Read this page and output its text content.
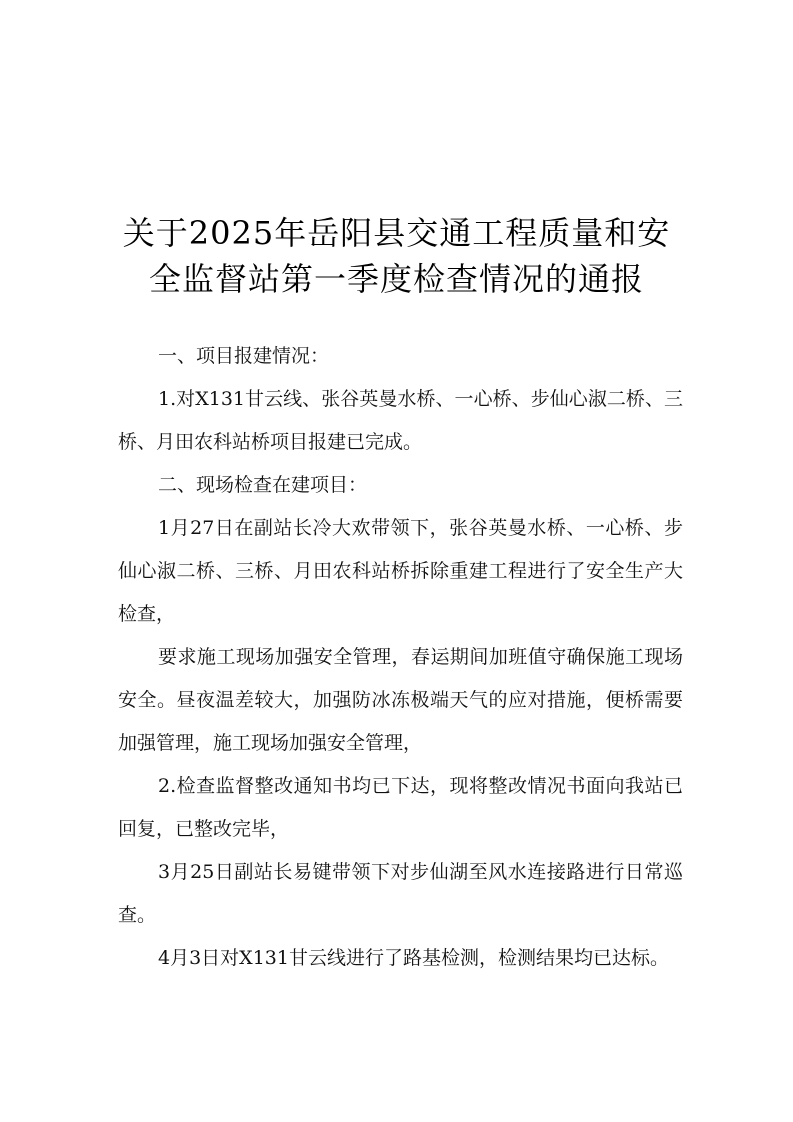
关于2025年岳阳县交通工程质量和安
全监督站第一季度检查情况的通报

一、项目报建情况：

1.对X131甘云线、张谷英曼水桥、一心桥、步仙心淑二桥、三桥、月田农科站桥项目报建已完成。

二、现场检查在建项目：

1月27日在副站长冷大欢带领下，张谷英曼水桥、一心桥、步仙心淑二桥、三桥、月田农科站桥拆除重建工程进行了安全生产大检查，

要求施工现场加强安全管理，春运期间加班值守确保施工现场安全。昼夜温差较大，加强防冰冻极端天气的应对措施，便桥需要加强管理，施工现场加强安全管理，

2.检查监督整改通知书均已下达，现将整改情况书面向我站已回复，已整改完毕，

3月25日副站长易键带领下对步仙湖至风水连接路进行日常巡查。

4月3日对X131甘云线进行了路基检测，检测结果均已达标。
